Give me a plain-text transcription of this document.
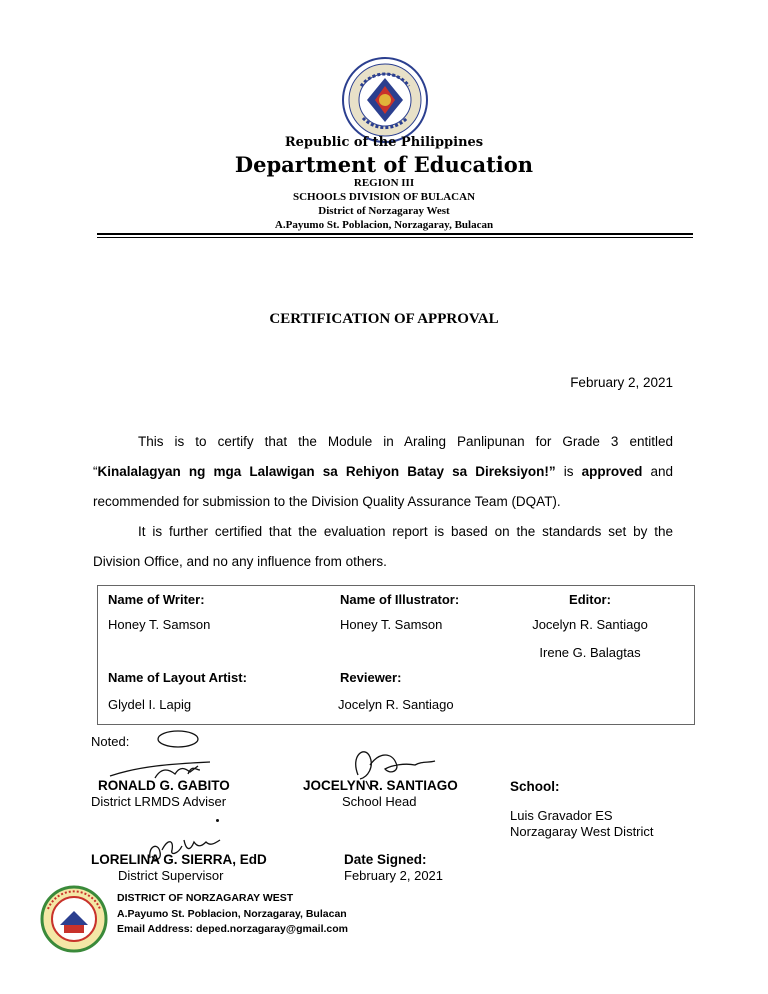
Republic of the Philippines
Department of Education
REGION III
SCHOOLS DIVISION OF BULACAN
District of Norzagaray West
A.Payumo St. Poblacion, Norzagaray, Bulacan
CERTIFICATION OF APPROVAL
February 2, 2021
This is to certify that the Module in Araling Panlipunan for Grade 3 entitled
“Kinalalagyan ng mga Lalawigan sa Rehiyon Batay sa Direksiyon!” is approved and
recommended for submission to the Division Quality Assurance Team (DQAT).
It is further certified that the evaluation report is based on the standards set by the
Division Office, and no any influence from others.
Name of Writer:
Honey T. Samson
Name of Illustrator:
Honey T. Samson
Editor:
Jocelyn R. Santiago
Irene G. Balagtas
Name of Layout Artist:
Glydel I. Lapig
Reviewer:
Jocelyn R. Santiago
Noted:
RONALD G. GABITO
District LRMDS Adviser
JOCELYN R. SANTIAGO
School Head
School:
Luis Gravador ES
Norzagaray West District
LORELINA G. SIERRA, EdD
District Supervisor
Date Signed:
February 2, 2021
DISTRICT OF NORZAGARAY WEST
A.Payumo St. Poblacion, Norzagaray, Bulacan
Email Address: deped.norzagaray@gmail.com
